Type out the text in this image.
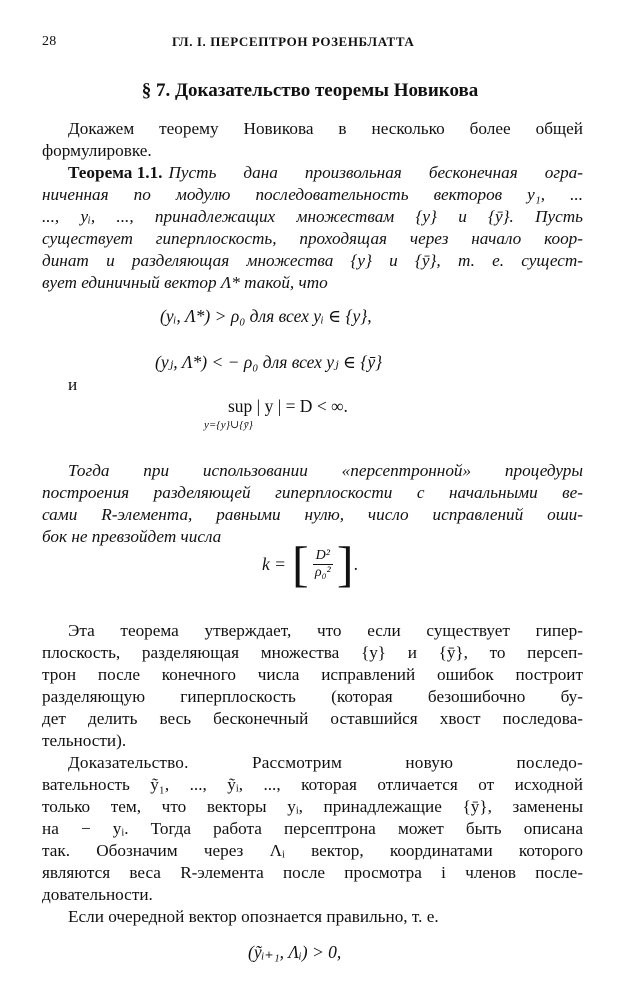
28	ГЛ. I. ПЕРСЕПТРОН РОЗЕНБЛАТТА
§ 7. Доказательство теоремы Новикова
Докажем теорему Новикова в несколько более общей
формулировке.
Теорема 1.1. Пусть дана произвольная бесконечная огра-
ниченная по модулю последовательность векторов y₁, ...
..., yᵢ, ..., принадлежащих множествам {y} и {ȳ}. Пусть
существует гиперплоскость, проходящая через начало коор-
динат и разделяющая множества {y} и {ȳ}, т. е. сущест-
вует единичный вектор Λ* такой, что
(yᵢ, Λ*) > ρ₀ для всех yᵢ ∈ {y},
(yⱼ, Λ*) < − ρ₀ для всех yⱼ ∈ {ȳ}
и
sup | y | = D < ∞.
y={y}∪{ȳ}
Тогда при использовании «персептронной» процедуры
построения разделяющей гиперплоскости с начальными ве-
сами R-элемента, равными нулю, число исправлений оши-
бок не превзойдет числа
k = [ $\frac{\text{D²}}{\text{ρ₀²}}$ ] .
Эта теорема утверждает, что если существует гипер-
плоскость, разделяющая множества {y} и {ȳ}, то персеп-
трон после конечного числа исправлений ошибок построит
разделяющую гиперплоскость (которая безошибочно бу-
дет делить весь бесконечный оставшийся хвост последова-
тельности).
Доказательство. Рассмотрим новую последо-
вательность ỹ₁, ..., ỹᵢ, ..., которая отличается от исходной
только тем, что векторы yᵢ, принадлежащие {ȳ}, заменены
на − yᵢ. Тогда работа персептрона может быть описана
так. Обозначим через Λᵢ вектор, координатами которого
являются веса R-элемента после просмотра i членов после-
довательности.
Если очередной вектор опознается правильно, т. е.
(ỹᵢ₊₁, Λᵢ) > 0,
